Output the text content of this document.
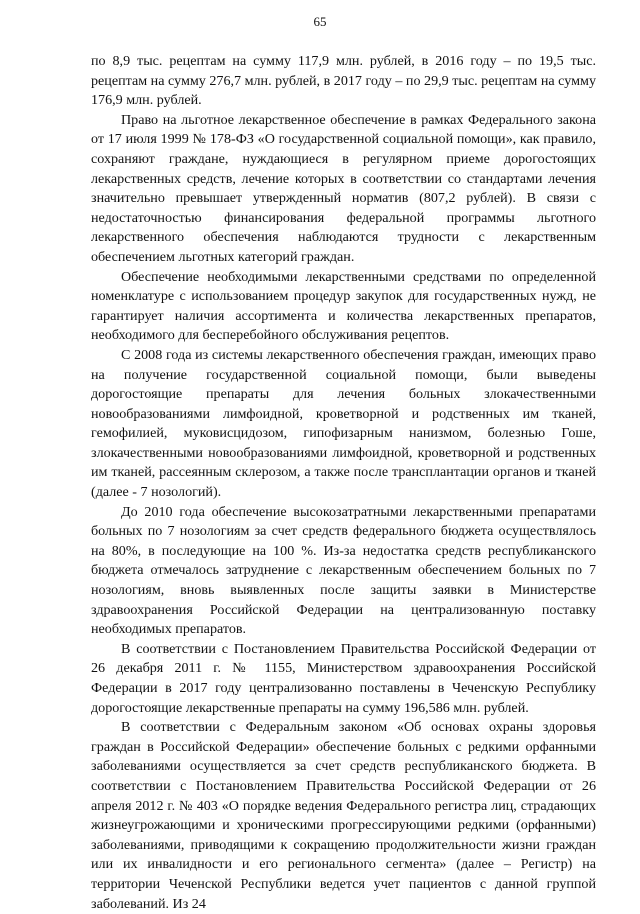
65

по 8,9 тыс. рецептам на сумму 117,9 млн. рублей, в 2016 году – по 19,5 тыс. рецептам на сумму 276,7 млн. рублей, в 2017 году – по 29,9 тыс. рецептам на сумму 176,9 млн. рублей.

Право на льготное лекарственное обеспечение в рамках Федерального закона от 17 июля 1999 № 178-ФЗ «О государственной социальной помощи», как правило, сохраняют граждане, нуждающиеся в регулярном приеме дорогостоящих лекарственных средств, лечение которых в соответствии со стандартами лечения значительно превышает утвержденный норматив (807,2 рублей). В связи с недостаточностью финансирования федеральной программы льготного лекарственного обеспечения наблюдаются трудности с лекарственным обеспечением льготных категорий граждан.

Обеспечение необходимыми лекарственными средствами по определенной номенклатуре с использованием процедур закупок для государственных нужд, не гарантирует наличия ассортимента и количества лекарственных препаратов, необходимого для бесперебойного обслуживания рецептов.

С 2008 года из системы лекарственного обеспечения граждан, имеющих право на получение государственной социальной помощи, были выведены дорогостоящие препараты для лечения больных злокачественными новообразованиями лимфоидной, кроветворной и родственных им тканей, гемофилией, муковисцидозом, гипофизарным нанизмом, болезнью Гоше, злокачественными новообразованиями лимфоидной, кроветворной и родственных им тканей, рассеянным склерозом, а также после трансплантации органов и тканей (далее - 7 нозологий).

До 2010 года обеспечение высокозатратными лекарственными препаратами больных по 7 нозологиям за счет средств федерального бюджета осуществлялось на 80%, в последующие на 100 %. Из-за недостатка средств республиканского бюджета отмечалось затруднение с лекарственным обеспечением больных по 7 нозологиям, вновь выявленных после защиты заявки в Министерстве здравоохранения Российской Федерации на централизованную поставку необходимых препаратов.

В соответствии с Постановлением Правительства Российской Федерации от 26 декабря 2011 г. № 1155, Министерством здравоохранения Российской Федерации в 2017 году централизованно поставлены в Чеченскую Республику дорогостоящие лекарственные препараты на сумму 196,586 млн. рублей.

В соответствии с Федеральным законом «Об основах охраны здоровья граждан в Российской Федерации» обеспечение больных с редкими орфанными заболеваниями осуществляется за счет средств республиканского бюджета. В соответствии с Постановлением Правительства Российской Федерации от 26 апреля 2012 г. № 403 «О порядке ведения Федерального регистра лиц, страдающих жизнеугрожающими и хроническими прогрессирующими редкими (орфанными) заболеваниями, приводящими к сокращению продолжительности жизни граждан или их инвалидности и его регионального сегмента» (далее – Регистр) на территории Чеченской Республики ведется учет пациентов с данной группой заболеваний. Из 24
